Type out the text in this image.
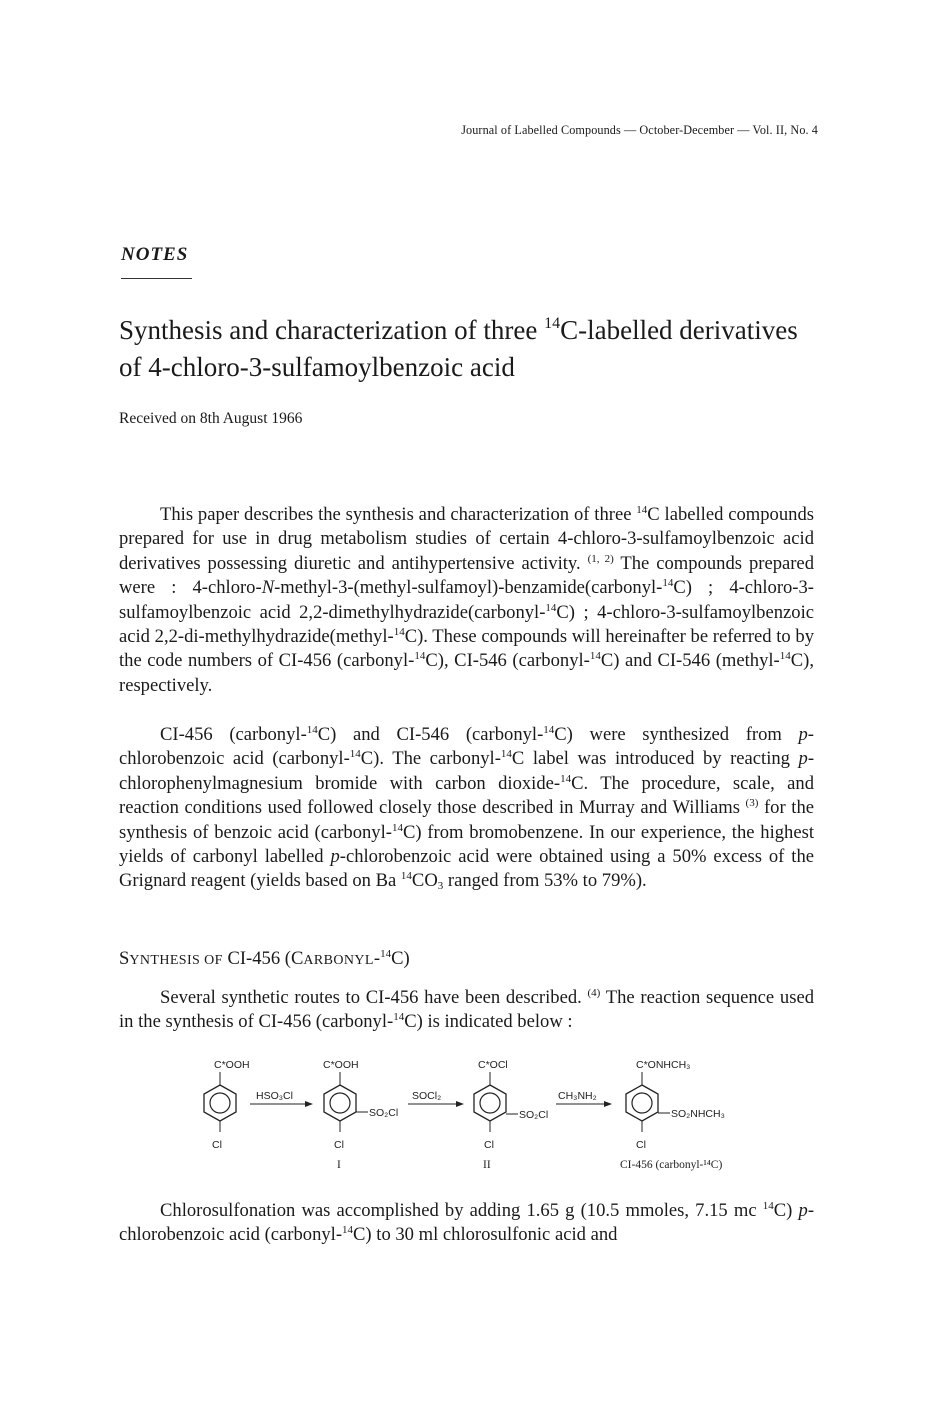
Journal of Labelled Compounds — October-December — Vol. II, No. 4
NOTES
Synthesis and characterization of three $^{14}$C-labelled derivatives of 4-chloro-3-sulfamoylbenzoic acid
Received on 8th August 1966
This paper describes the synthesis and characterization of three $^{14}$C labelled compounds prepared for use in drug metabolism studies of certain 4-chloro-3-sulfamoylbenzoic acid derivatives possessing diuretic and antihypertensive activity. $^{(1, 2)}$ The compounds prepared were : 4-chloro-N-methyl-3-(methyl-sulfamoyl)-benzamide(carbonyl-$^{14}$C) ; 4-chloro-3-sulfamoylbenzoic acid 2,2-dimethylhydrazide(carbonyl-$^{14}$C) ; 4-chloro-3-sulfamoylbenzoic acid 2,2-di-methylhydrazide(methyl-$^{14}$C). These compounds will hereinafter be referred to by the code numbers of CI-456 (carbonyl-$^{14}$C), CI-546 (carbonyl-$^{14}$C) and CI-546 (methyl-$^{14}$C), respectively.
CI-456 (carbonyl-$^{14}$C) and CI-546 (carbonyl-$^{14}$C) were synthesized from p-chlorobenzoic acid (carbonyl-$^{14}$C). The carbonyl-$^{14}$C label was introduced by reacting p-chlorophenylmagnesium bromide with carbon dioxide-$^{14}$C. The procedure, scale, and reaction conditions used followed closely those described in Murray and Williams $^{(3)}$ for the synthesis of benzoic acid (carbonyl-$^{14}$C) from bromobenzene. In our experience, the highest yields of carbonyl labelled p-chlorobenzoic acid were obtained using a 50% excess of the Grignard reagent (yields based on Ba $^{14}CO_3$ ranged from 53% to 79%).
SYNTHESIS OF CI-456 (CARBONYL-$^{14}$C)
Several synthetic routes to CI-456 have been described. $^{(4)}$ The reaction sequence used in the synthesis of CI-456 (carbonyl-$^{14}$C) is indicated below :
C*OOH
Cl
HSO₃Cl
C*OOH
SO₂Cl
Cl
I
SOCl₂
C*OCl
SO₂Cl
Cl
II
CH₃NH₂
C*ONHCH₃
SO₂NHCH₃
Cl
CI-456 (carbonyl-¹⁴C)
Chlorosulfonation was accomplished by adding 1.65 g (10.5 mmoles, 7.15 mc $^{14}$C) p-chlorobenzoic acid (carbonyl-$^{14}$C) to 30 ml chlorosulfonic acid and
